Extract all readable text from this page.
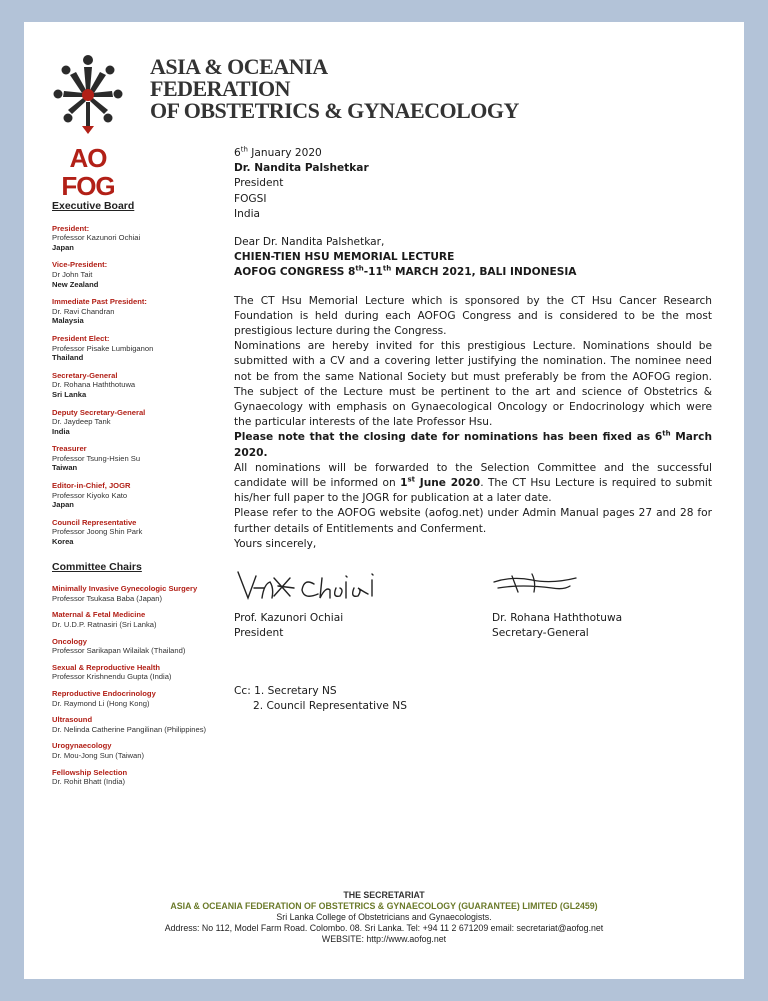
AO FOG
ASIA & OCEANIA
FEDERATION
OF OBSTETRICS & GYNAECOLOGY
Executive Board
President:
Professor Kazunori Ochiai
Japan
Vice-President:
Dr John Tait
New Zealand
Immediate Past President:
Dr. Ravi Chandran
Malaysia
President Elect:
Professor Pisake Lumbiganon
Thailand
Secretary-General
Dr. Rohana Haththotuwa
Sri Lanka
Deputy Secretary-General
Dr. Jaydeep Tank
India
Treasurer
Professor Tsung-Hsien Su
Taiwan
Editor-in-Chief, JOGR
Professor Kiyoko Kato
Japan
Council Representative
Professor Joong Shin Park
Korea
Committee Chairs
Minimally Invasive Gynecologic Surgery
Professor Tsukasa Baba (Japan)
Maternal & Fetal Medicine
Dr. U.D.P. Ratnasiri (Sri Lanka)
Oncology
Professor Sarikapan Wilailak (Thailand)
Sexual & Reproductive Health
Professor Krishnendu Gupta (India)
Reproductive Endocrinology
Dr. Raymond Li (Hong Kong)
Ultrasound
Dr. Nelinda Catherine Pangilinan (Philippines)
Urogynaecology
Dr. Mou-Jong Sun (Taiwan)
Fellowship Selection
Dr. Rohit Bhatt (India)

6th January 2020

Dr. Nandita Palshetkar
President
FOGSI
India

Dear Dr. Nandita Palshetkar,

CHIEN-TIEN HSU MEMORIAL LECTURE
AOFOG CONGRESS 8th-11th MARCH 2021, BALI INDONESIA

The CT Hsu Memorial Lecture which is sponsored by the CT Hsu Cancer Research Foundation is held during each AOFOG Congress and is considered to be the most prestigious lecture during the Congress.

Nominations are hereby invited for this prestigious Lecture. Nominations should be submitted with a CV and a covering letter justifying the nomination. The nominee need not be from the same National Society but must preferably be from the AOFOG region. The subject of the Lecture must be pertinent to the art and science of Obstetrics & Gynaecology with emphasis on Gynaecological Oncology or Endocrinology which were the particular interests of the late Professor Hsu.

Please note that the closing date for nominations has been fixed as 6th March 2020.

All nominations will be forwarded to the Selection Committee and the successful candidate will be informed on 1st June 2020. The CT Hsu Lecture is required to submit his/her full paper to the JOGR for publication at a later date.

Please refer to the AOFOG website (aofog.net) under Admin Manual pages 27 and 28 for further details of Entitlements and Conferment.

Yours sincerely,

Prof. Kazunori Ochiai
President
Dr. Rohana Haththotuwa
Secretary-General
Cc: 1. Secretary NS
2. Council Representative NS
THE SECRETARIAT
ASIA & OCEANIA FEDERATION OF OBSTETRICS & GYNAECOLOGY (GUARANTEE) LIMITED (GL2459)
Sri Lanka College of Obstetricians and Gynaecologists.
Address: No 112, Model Farm Road. Colombo. 08. Sri Lanka. Tel: +94 11 2 671209 email: secretariat@aofog.net
WEBSITE: http://www.aofog.net
